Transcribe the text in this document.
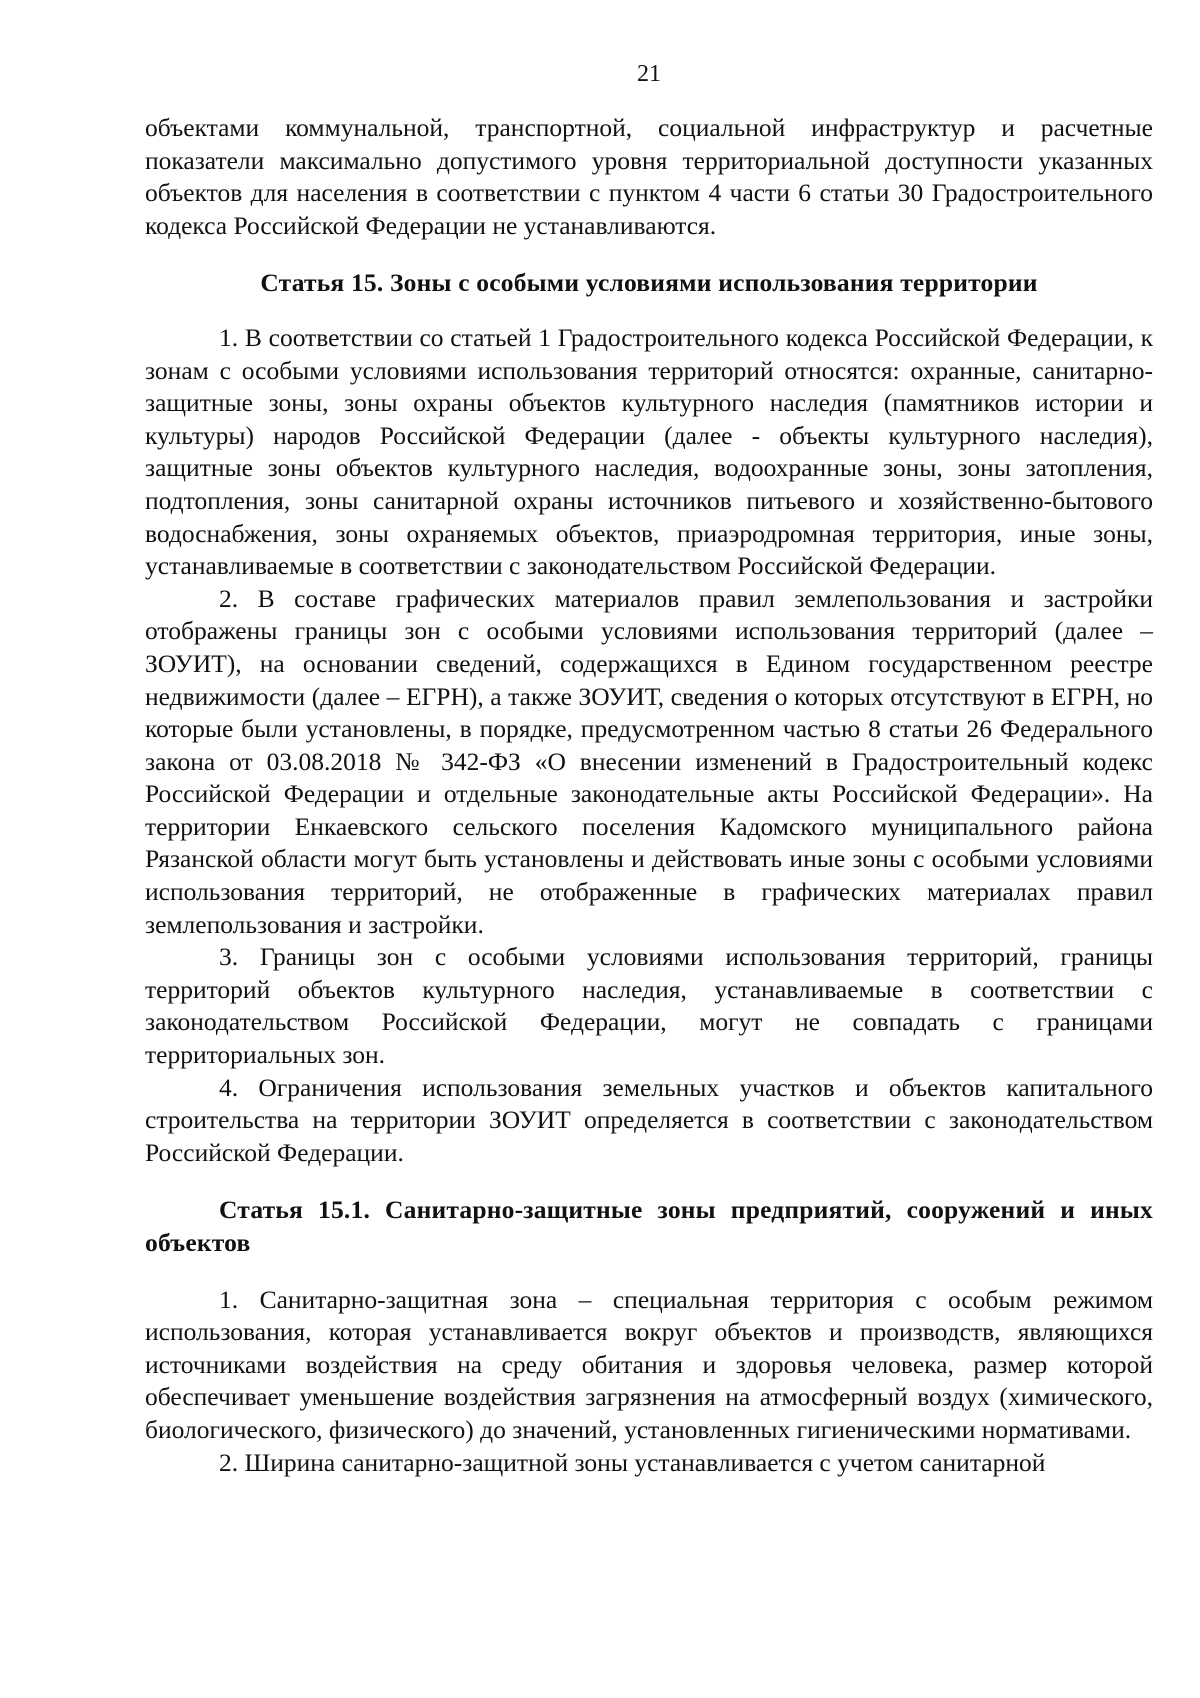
21

объектами коммунальной, транспортной, социальной инфраструктур и расчетные показатели максимально допустимого уровня территориальной доступности указанных объектов для населения в соответствии с пунктом 4 части 6 статьи 30 Градостроительного кодекса Российской Федерации не устанавливаются.

Статья 15. Зоны с особыми условиями использования территории

1. В соответствии со статьей 1 Градостроительного кодекса Российской Федерации, к зонам с особыми условиями использования территорий относятся: охранные, санитарно-защитные зоны, зоны охраны объектов культурного наследия (памятников истории и культуры) народов Российской Федерации (далее - объекты культурного наследия), защитные зоны объектов культурного наследия, водоохранные зоны, зоны затопления, подтопления, зоны санитарной охраны источников питьевого и хозяйственно-бытового водоснабжения, зоны охраняемых объектов, приаэродромная территория, иные зоны, устанавливаемые в соответствии с законодательством Российской Федерации.

2. В составе графических материалов правил землепользования и застройки отображены границы зон с особыми условиями использования территорий (далее – ЗОУИТ), на основании сведений, содержащихся в Едином государственном реестре недвижимости (далее – ЕГРН), а также ЗОУИТ, сведения о которых отсутствуют в ЕГРН, но которые были установлены, в порядке, предусмотренном частью 8 статьи 26 Федерального закона от 03.08.2018 № 342-ФЗ «О внесении изменений в Градостроительный кодекс Российской Федерации и отдельные законодательные акты Российской Федерации». На территории Енкаевского сельского поселения Кадомского муниципального района Рязанской области могут быть установлены и действовать иные зоны с особыми условиями использования территорий, не отображенные в графических материалах правил землепользования и застройки.

3. Границы зон с особыми условиями использования территорий, границы территорий объектов культурного наследия, устанавливаемые в соответствии с законодательством Российской Федерации, могут не совпадать с границами территориальных зон.

4. Ограничения использования земельных участков и объектов капитального строительства на территории ЗОУИТ определяется в соответствии с законодательством Российской Федерации.

Статья 15.1. Санитарно-защитные зоны предприятий, сооружений и иных объектов

1. Санитарно-защитная зона – специальная территория с особым режимом использования, которая устанавливается вокруг объектов и производств, являющихся источниками воздействия на среду обитания и здоровья человека, размер которой обеспечивает уменьшение воздействия загрязнения на атмосферный воздух (химического, биологического, физического) до значений, установленных гигиеническими нормативами.

2. Ширина санитарно-защитной зоны устанавливается с учетом санитарной
